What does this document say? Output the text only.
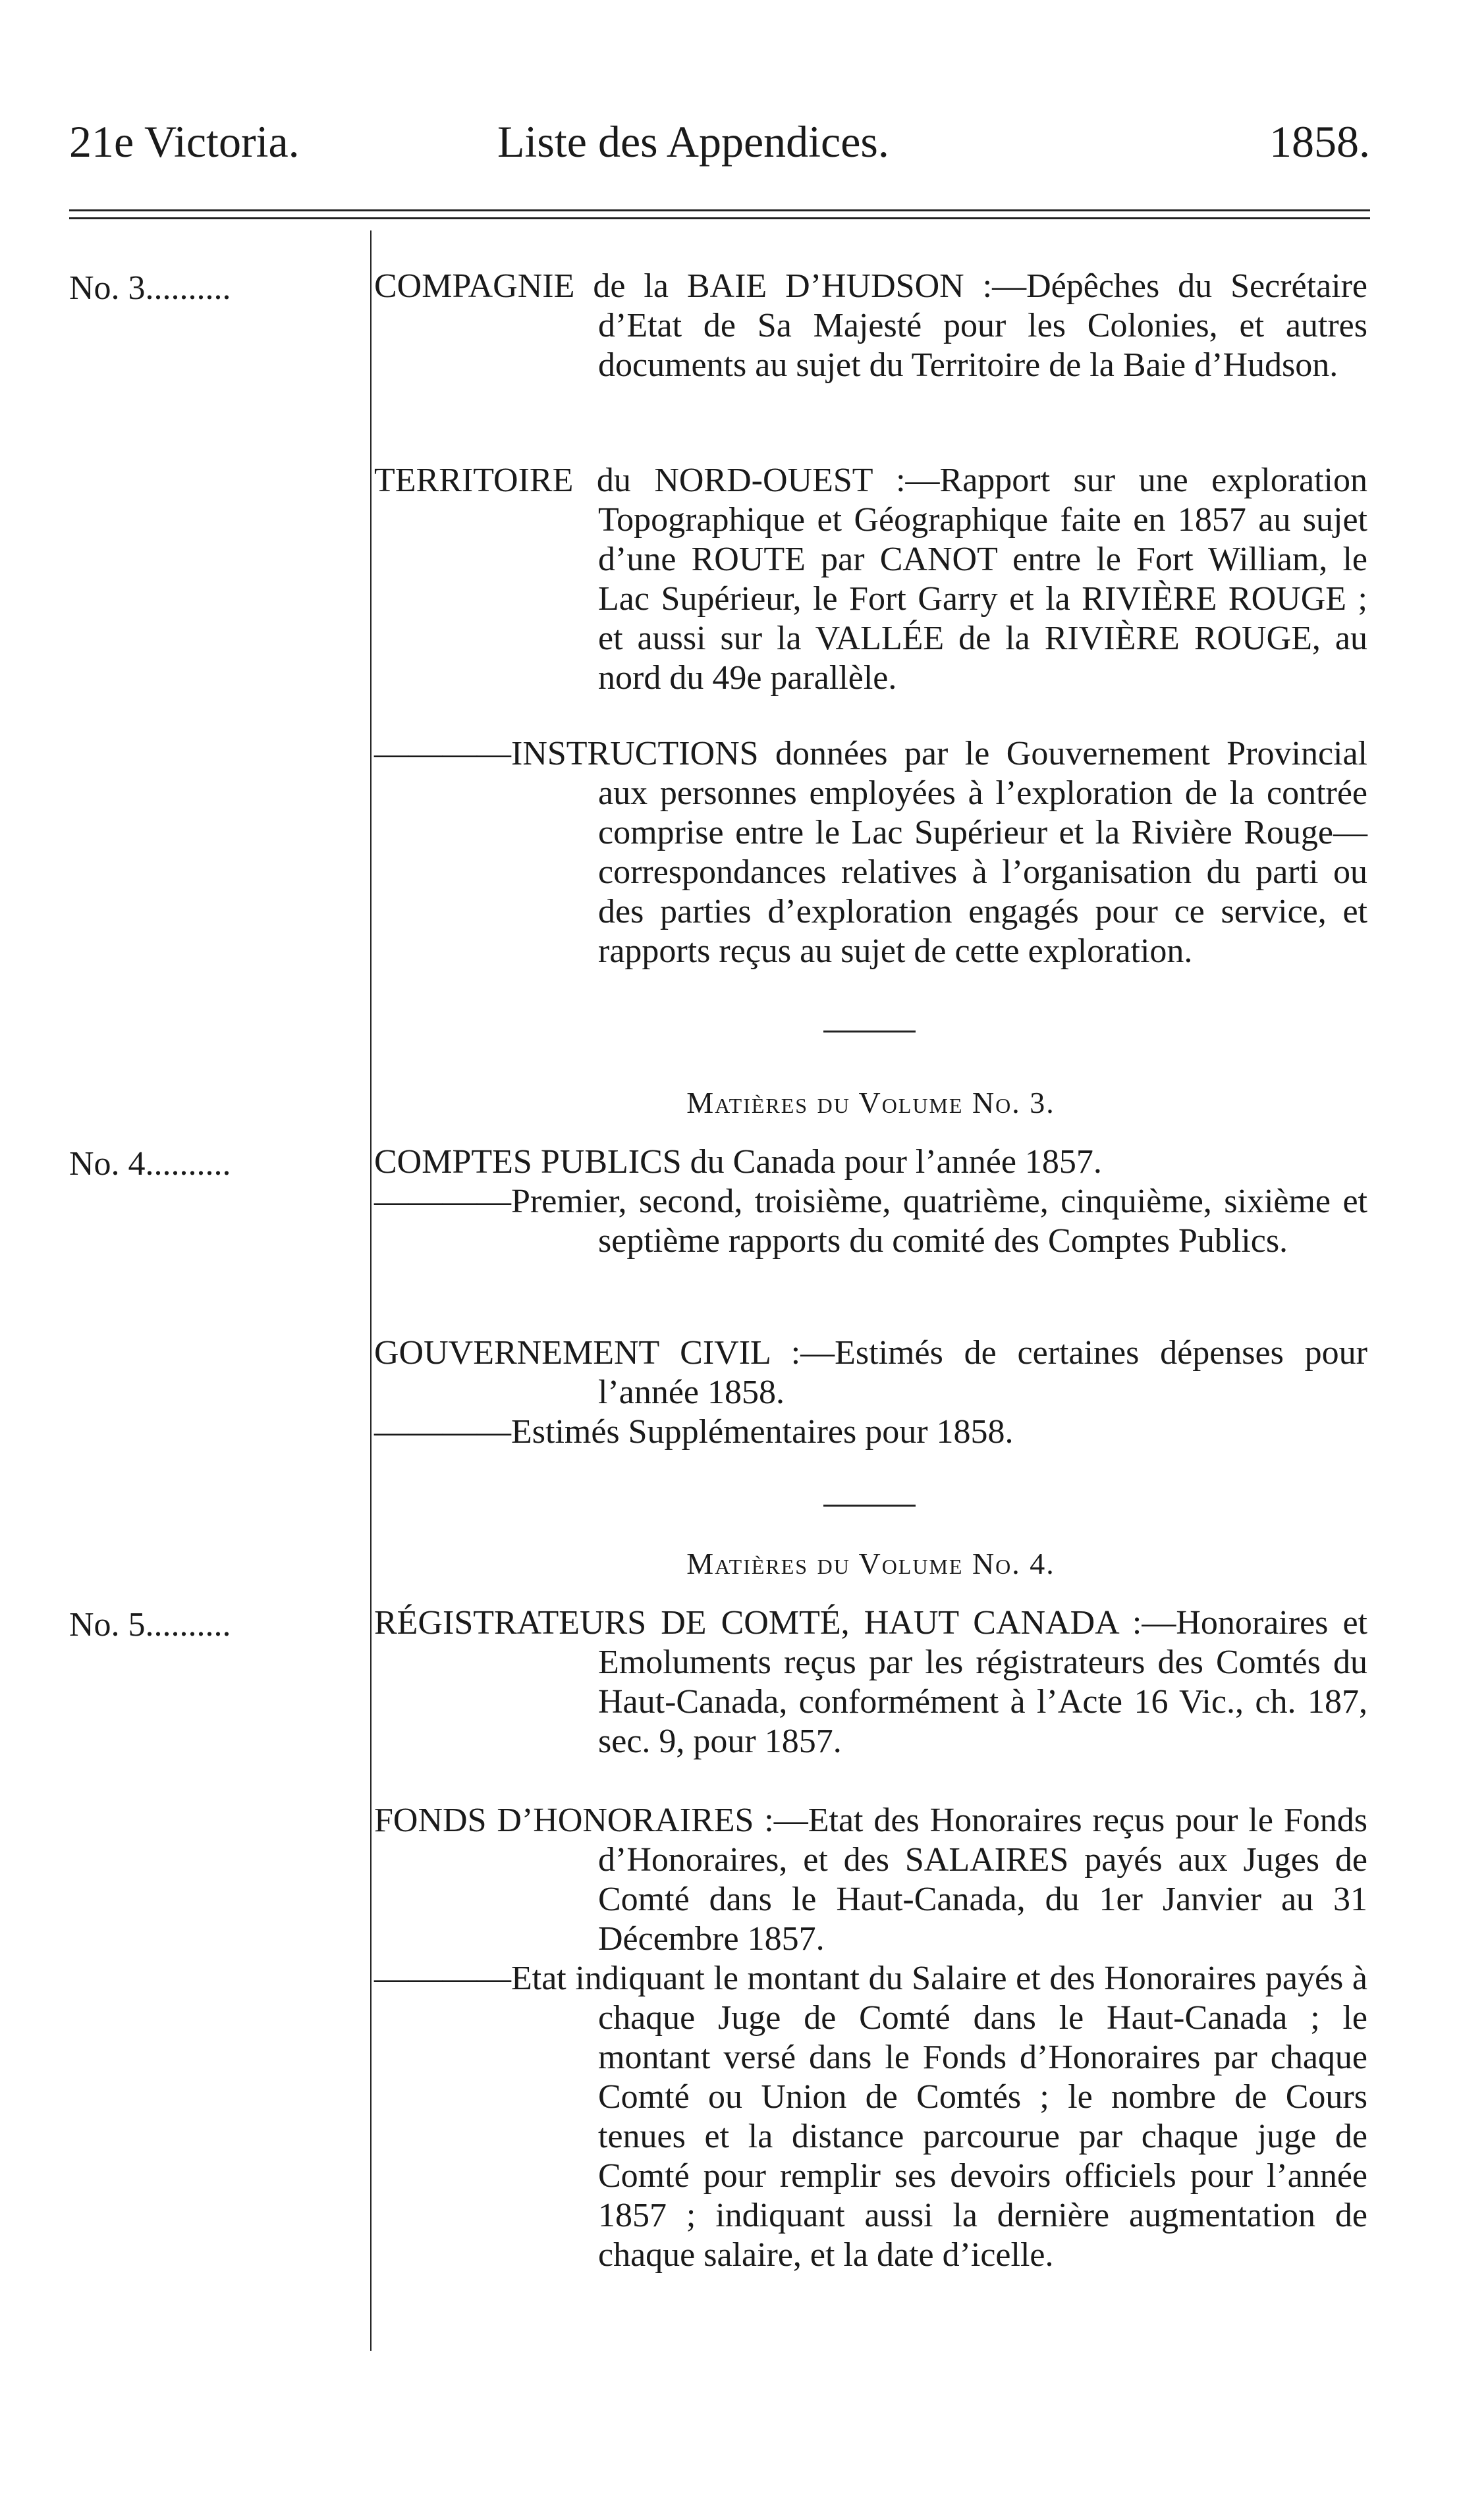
21e Victoria.	Liste des Appendices.	1858.
No. 3..........	COMPAGNIE de la BAIE D’HUDSON :—Dépêches du Secrétaire d’Etat de Sa Majesté pour les Colonies, et autres documents au sujet du Territoire de la Baie d’Hudson.

TERRITOIRE du NORD-OUEST :—Rapport sur une exploration Topographique et Géographique faite en 1857 au sujet d’une ROUTE par CANOT entre le Fort William, le Lac Supérieur, le Fort Garry et la RIVIÈRE ROUGE ; et aussi sur la VALLÉE de la RIVIÈRE ROUGE, au nord du 49e parallèle.

————INSTRUCTIONS données par le Gouvernement Provincial aux personnes employées à l’exploration de la contrée comprise entre le Lac Supérieur et la Rivière Rouge—correspondances relatives à l’organisation du parti ou des parties d’exploration engagés pour ce service, et rapports reçus au sujet de cette exploration.

Matières du Volume No. 3.
No. 4..........	COMPTES PUBLICS du Canada pour l’année 1857.

————Premier, second, troisième, quatrième, cinquième, sixième et septième rapports du comité des Comptes Publics.

GOUVERNEMENT CIVIL :—Estimés de certaines dépenses pour l’année 1858.

————Estimés Supplémentaires pour 1858.

Matières du Volume No. 4.
No. 5..........	RÉGISTRATEURS DE COMTÉ, HAUT CANADA :—Honoraires et Emoluments reçus par les régistrateurs des Comtés du Haut-Canada, conformément à l’Acte 16 Vic., ch. 187, sec. 9, pour 1857.

FONDS D’HONORAIRES :—Etat des Honoraires reçus pour le Fonds d’Honoraires, et des SALAIRES payés aux Juges de Comté dans le Haut-Canada, du 1er Janvier au 31 Décembre 1857.

————Etat indiquant le montant du Salaire et des Honoraires payés à chaque Juge de Comté dans le Haut-Canada ; le montant versé dans le Fonds d’Honoraires par chaque Comté ou Union de Comtés ; le nombre de Cours tenues et la distance parcourue par chaque juge de Comté pour remplir ses devoirs officiels pour l’année 1857 ; indiquant aussi la dernière augmentation de chaque salaire, et la date d’icelle.
